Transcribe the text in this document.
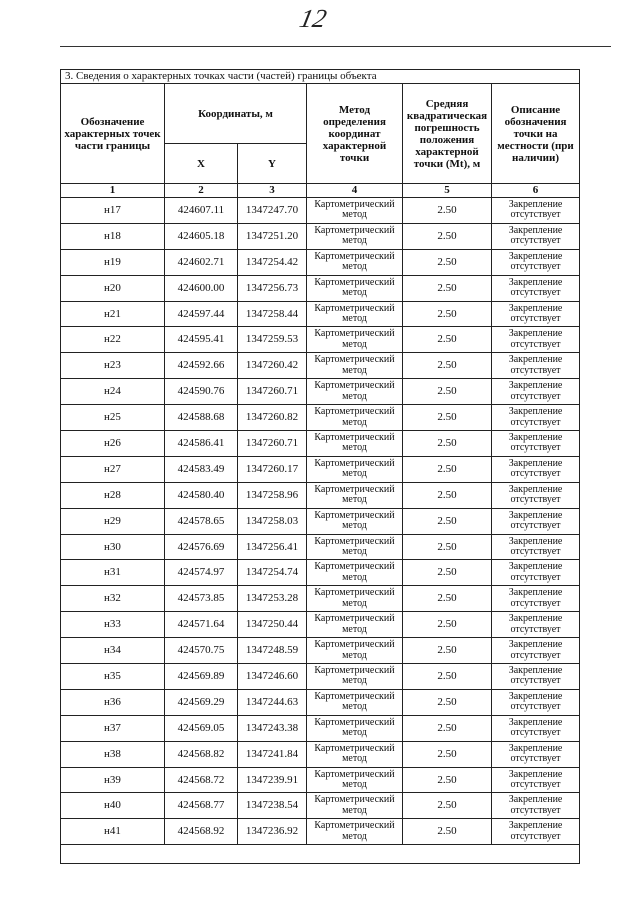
12
3. Сведения о характерных точках части (частей) границы объекта					
Обозначение характерных точек части границы	Координаты, м		Метод определения координат характерной точки	Средняя квадратическая погрешность положения характерной точки (Mt), м	Описание обозначения точки на местности (при наличии)
	X	Y			
1	2	3	4	5	6
н17	424607.11	1347247.70	Картометрический метод	2.50	Закрепление отсутствует
н18	424605.18	1347251.20	Картометрический метод	2.50	Закрепление отсутствует
н19	424602.71	1347254.42	Картометрический метод	2.50	Закрепление отсутствует
н20	424600.00	1347256.73	Картометрический метод	2.50	Закрепление отсутствует
н21	424597.44	1347258.44	Картометрический метод	2.50	Закрепление отсутствует
н22	424595.41	1347259.53	Картометрический метод	2.50	Закрепление отсутствует
н23	424592.66	1347260.42	Картометрический метод	2.50	Закрепление отсутствует
н24	424590.76	1347260.71	Картометрический метод	2.50	Закрепление отсутствует
н25	424588.68	1347260.82	Картометрический метод	2.50	Закрепление отсутствует
н26	424586.41	1347260.71	Картометрический метод	2.50	Закрепление отсутствует
н27	424583.49	1347260.17	Картометрический метод	2.50	Закрепление отсутствует
н28	424580.40	1347258.96	Картометрический метод	2.50	Закрепление отсутствует
н29	424578.65	1347258.03	Картометрический метод	2.50	Закрепление отсутствует
н30	424576.69	1347256.41	Картометрический метод	2.50	Закрепление отсутствует
н31	424574.97	1347254.74	Картометрический метод	2.50	Закрепление отсутствует
н32	424573.85	1347253.28	Картометрический метод	2.50	Закрепление отсутствует
н33	424571.64	1347250.44	Картометрический метод	2.50	Закрепление отсутствует
н34	424570.75	1347248.59	Картометрический метод	2.50	Закрепление отсутствует
н35	424569.89	1347246.60	Картометрический метод	2.50	Закрепление отсутствует
н36	424569.29	1347244.63	Картометрический метод	2.50	Закрепление отсутствует
н37	424569.05	1347243.38	Картометрический метод	2.50	Закрепление отсутствует
н38	424568.82	1347241.84	Картометрический метод	2.50	Закрепление отсутствует
н39	424568.72	1347239.91	Картометрический метод	2.50	Закрепление отсутствует
н40	424568.77	1347238.54	Картометрический метод	2.50	Закрепление отсутствует
н41	424568.92	1347236.92	Картометрический метод	2.50	Закрепление отсутствует
